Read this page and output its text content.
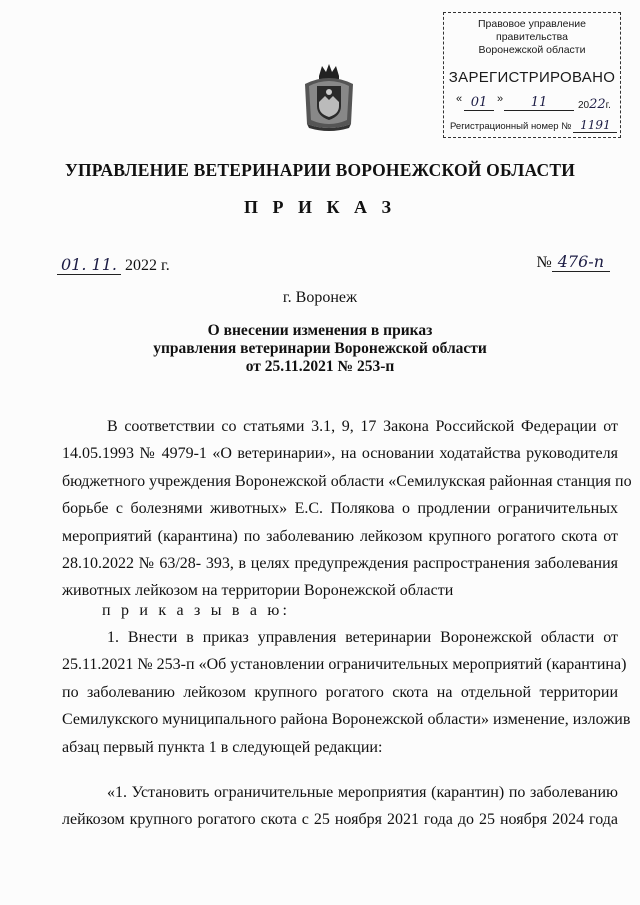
Правовое управление правительства
Воронежской области
ЗАРЕГИСТРИРОВАНО
« 01 »	11	2022г.
Регистрационный номер № 1191
УПРАВЛЕНИЕ ВЕТЕРИНАРИИ ВОРОНЕЖСКОЙ ОБЛАСТИ
П Р И К А З
01. 11. 2022 г.	№ 476-п
г. Воронеж
О внесении изменения в приказ
управления ветеринарии Воронежской области
от 25.11.2021 № 253-п
В соответствии со статьями 3.1, 9, 17 Закона Российской Федерации от
14.05.1993 № 4979-1 «О ветеринарии», на основании ходатайства руководителя
бюджетного учреждения Воронежской области «Семилукская районная станция по
борьбе с болезнями животных» Е.С. Полякова о продлении ограничительных
мероприятий (карантина) по заболеванию лейкозом крупного рогатого скота от
28.10.2022 № 63/28- 393, в целях предупреждения распространения заболевания
животных лейкозом на территории Воронежской области
п р и к а з ы в а ю:
1. Внести в приказ управления ветеринарии Воронежской области от
25.11.2021 № 253-п «Об установлении ограничительных мероприятий (карантина)
по заболеванию лейкозом крупного рогатого скота на отдельной территории
Семилукского муниципального района Воронежской области» изменение, изложив
абзац первый пункта 1 в следующей редакции:
«1. Установить ограничительные мероприятия (карантин) по заболеванию
лейкозом крупного рогатого скота с 25 ноября 2021 года до 25 ноября 2024 года
